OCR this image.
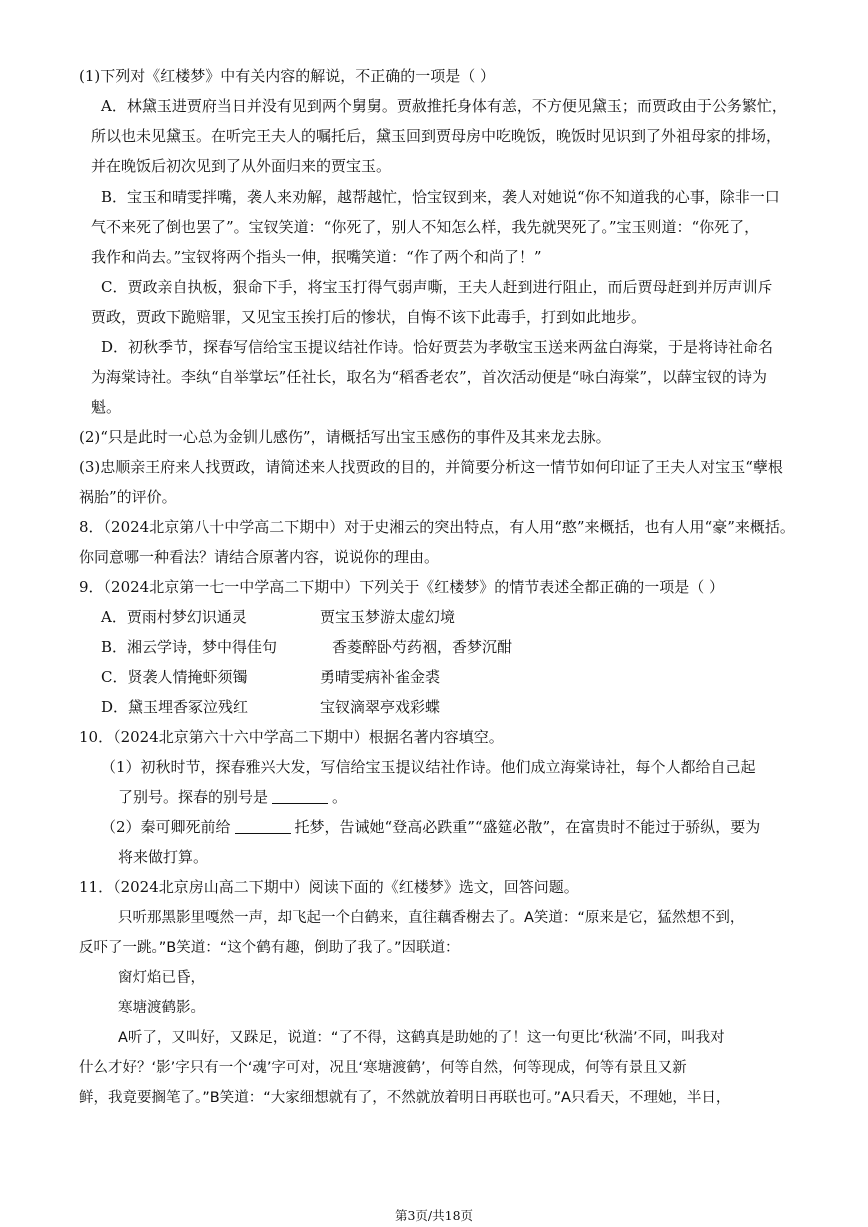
(1)下列对《红楼梦》中有关内容的解说，不正确的一项是（ ）
A．林黛玉进贾府当日并没有见到两个舅舅。贾赦推托身体有恙，不方便见黛玉；而贾政由于公务繁忙，
所以也未见黛玉。在听完王夫人的嘱托后，黛玉回到贾母房中吃晚饭，晚饭时见识到了外祖母家的排场，
并在晚饭后初次见到了从外面归来的贾宝玉。
B．宝玉和晴雯拌嘴，袭人来劝解，越帮越忙，恰宝钗到来，袭人对她说“你不知道我的心事，除非一口
气不来死了倒也罢了”。宝钗笑道：“你死了，别人不知怎么样，我先就哭死了。”宝玉则道：“你死了，
我作和尚去。”宝钗将两个指头一伸，抿嘴笑道：“作了两个和尚了！”
C．贾政亲自执板，狠命下手，将宝玉打得气弱声嘶，王夫人赶到进行阻止，而后贾母赶到并厉声训斥
贾政，贾政下跪赔罪，又见宝玉挨打后的惨状，自悔不该下此毒手，打到如此地步。
D．初秋季节，探春写信给宝玉提议结社作诗。恰好贾芸为孝敬宝玉送来两盆白海棠，于是将诗社命名
为海棠诗社。李纨“自举掌坛”任社长，取名为“稻香老农”，首次活动便是“咏白海棠”，以薛宝钗的诗为
魁。
(2)“只是此时一心总为金钏儿感伤”，请概括写出宝玉感伤的事件及其来龙去脉。
(3)忠顺亲王府来人找贾政，请简述来人找贾政的目的，并简要分析这一情节如何印证了王夫人对宝玉“孽根
祸胎”的评价。
8．（2024北京第八十中学高二下期中）对于史湘云的突出特点，有人用“憨”来概括，也有人用“豪”来概括。
你同意哪一种看法？请结合原著内容，说说你的理由。
9．（2024北京第一七一中学高二下期中）下列关于《红楼梦》的情节表述全都正确的一项是（ ）
A．贾雨村梦幻识通灵	贾宝玉梦游太虚幻境
B．湘云学诗，梦中得佳句	香菱醉卧芍药裀，香梦沉酣
C．贤袭人情掩虾须镯	勇晴雯病补雀金裘
D．黛玉埋香冢泣残红	宝钗滴翠亭戏彩蝶
10．（2024北京第六十六中学高二下期中）根据名著内容填空。
（1）初秋时节，探春雅兴大发，写信给宝玉提议结社作诗。他们成立海棠诗社，每个人都给自己起
了别号。探春的别号是	。
（2）秦可卿死前给	托梦，告诫她“登高必跌重”“盛筵必散”，在富贵时不能过于骄纵，要为
将来做打算。
11．（2024北京房山高二下期中）阅读下面的《红楼梦》选文，回答问题。
只听那黑影里嘎然一声，却飞起一个白鹤来，直往藕香榭去了。A笑道：“原来是它，猛然想不到，
反吓了一跳。”B笑道：“这个鹤有趣，倒助了我了。”因联道：
窗灯焰已昏，
寒塘渡鹤影。
A听了，又叫好，又跺足，说道：“了不得，这鹤真是助她的了！这一句更比‘秋湍’不同，叫我对
什么才好？‘影’字只有一个‘魂’字可对，况且‘寒塘渡鹤’，何等自然，何等现成，何等有景且又新
鲜，我竟要搁笔了。”B笑道：“大家细想就有了，不然就放着明日再联也可。”A只看天，不理她，半日，
第3页/共18页
